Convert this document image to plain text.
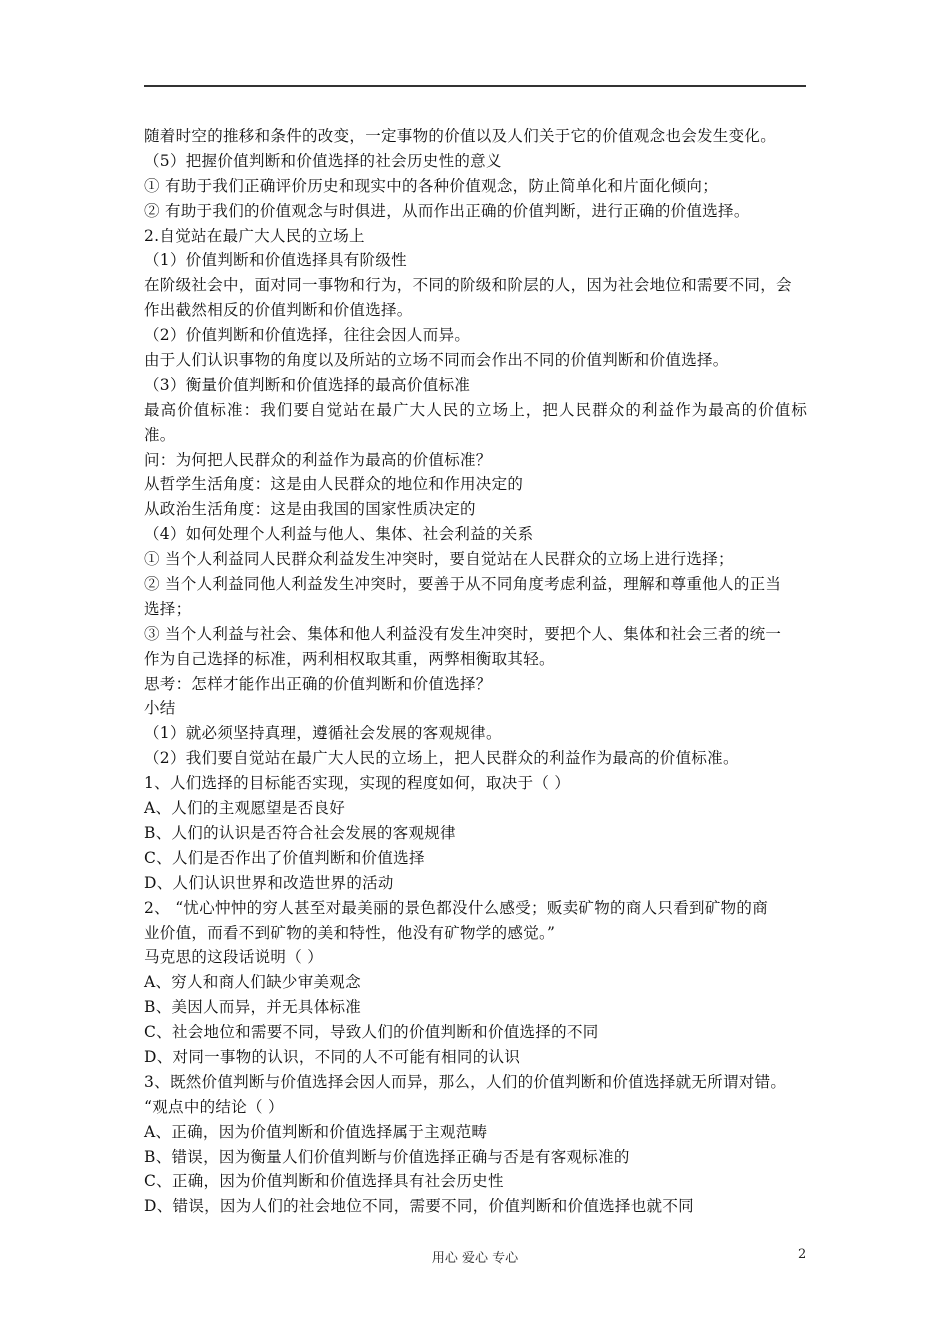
随着时空的推移和条件的改变，一定事物的价值以及人们关于它的价值观念也会发生变化。
（5）把握价值判断和价值选择的社会历史性的意义
① 有助于我们正确评价历史和现实中的各种价值观念，防止简单化和片面化倾向；
② 有助于我们的价值观念与时俱进，从而作出正确的价值判断，进行正确的价值选择。
2.自觉站在最广大人民的立场上
（1）价值判断和价值选择具有阶级性
在阶级社会中，面对同一事物和行为，不同的阶级和阶层的人，因为社会地位和需要不同，会
作出截然相反的价值判断和价值选择。
（2）价值判断和价值选择，往往会因人而异。
由于人们认识事物的角度以及所站的立场不同而会作出不同的价值判断和价值选择。
（3）衡量价值判断和价值选择的最高价值标准
最高价值标准：我们要自觉站在最广大人民的立场上，把人民群众的利益作为最高的价值标
准。
问：为何把人民群众的利益作为最高的价值标准？
从哲学生活角度：这是由人民群众的地位和作用决定的
从政治生活角度：这是由我国的国家性质决定的
（4）如何处理个人利益与他人、集体、社会利益的关系
① 当个人利益同人民群众利益发生冲突时，要自觉站在人民群众的立场上进行选择；
② 当个人利益同他人利益发生冲突时，要善于从不同角度考虑利益，理解和尊重他人的正当
选择；
③ 当个人利益与社会、集体和他人利益没有发生冲突时，要把个人、集体和社会三者的统一
作为自己选择的标准，两利相权取其重，两弊相衡取其轻。
思考：怎样才能作出正确的价值判断和价值选择？
小结
（1）就必须坚持真理，遵循社会发展的客观规律。
（2）我们要自觉站在最广大人民的立场上，把人民群众的利益作为最高的价值标准。
1、人们选择的目标能否实现，实现的程度如何，取决于（ ）
A、人们的主观愿望是否良好
B、人们的认识是否符合社会发展的客观规律
C、人们是否作出了价值判断和价值选择
D、人们认识世界和改造世界的活动
2、 “忧心忡忡的穷人甚至对最美丽的景色都没什么感受；贩卖矿物的商人只看到矿物的商
业价值，而看不到矿物的美和特性，他没有矿物学的感觉。”
马克思的这段话说明（ ）
A、穷人和商人们缺少审美观念
B、美因人而异，并无具体标准
C、社会地位和需要不同，导致人们的价值判断和价值选择的不同
D、对同一事物的认识，不同的人不可能有相同的认识
3、既然价值判断与价值选择会因人而异，那么，人们的价值判断和价值选择就无所谓对错。
“观点中的结论（ ）
A、正确，因为价值判断和价值选择属于主观范畴
B、错误，因为衡量人们价值判断与价值选择正确与否是有客观标准的
C、正确，因为价值判断和价值选择具有社会历史性
D、错误，因为人们的社会地位不同，需要不同，价值判断和价值选择也就不同
用心 爱心 专心	2
